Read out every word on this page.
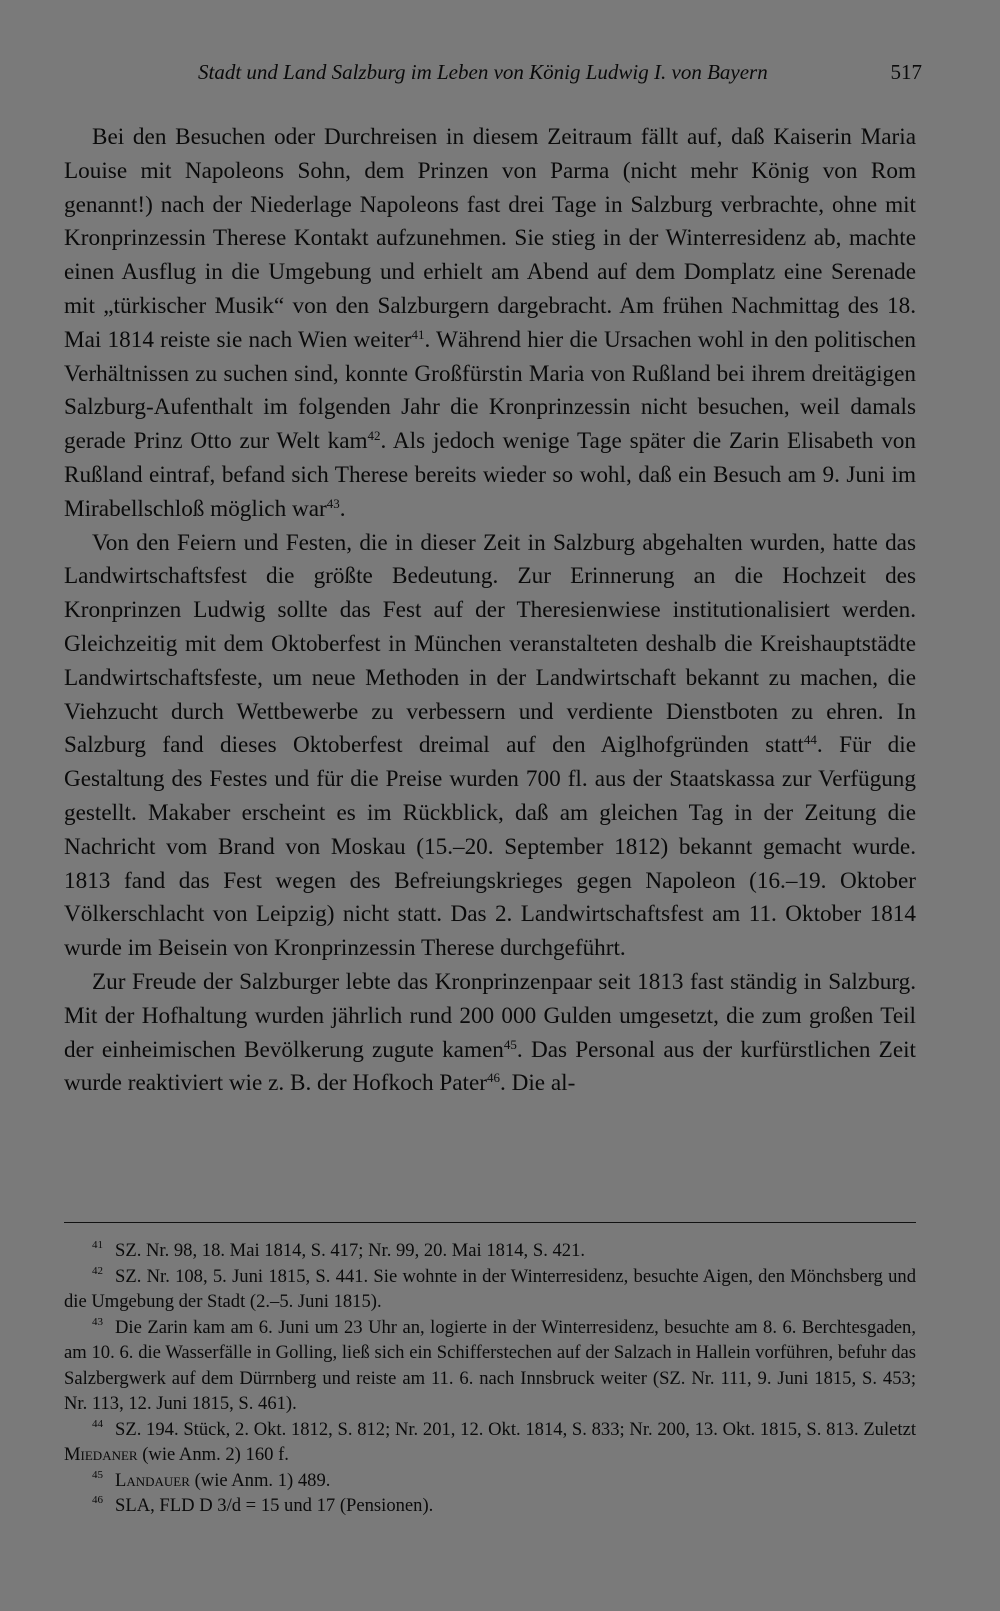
Stadt und Land Salzburg im Leben von König Ludwig I. von Bayern	517

Bei den Besuchen oder Durchreisen in diesem Zeitraum fällt auf, daß Kaiserin Maria Louise mit Napoleons Sohn, dem Prinzen von Parma (nicht mehr König von Rom genannt!) nach der Niederlage Napoleons fast drei Tage in Salzburg verbrachte, ohne mit Kronprinzessin Therese Kontakt aufzunehmen. Sie stieg in der Winterresidenz ab, machte einen Ausflug in die Umgebung und erhielt am Abend auf dem Domplatz eine Serenade mit „türkischer Musik“ von den Salzburgern dargebracht. Am frühen Nachmittag des 18. Mai 1814 reiste sie nach Wien weiter$^{41}$. Während hier die Ursachen wohl in den politischen Verhältnissen zu suchen sind, konnte Großfürstin Maria von Rußland bei ihrem dreitägigen Salzburg-Aufenthalt im folgenden Jahr die Kronprinzessin nicht besuchen, weil damals gerade Prinz Otto zur Welt kam$^{42}$. Als jedoch wenige Tage später die Zarin Elisabeth von Rußland eintraf, befand sich Therese bereits wieder so wohl, daß ein Besuch am 9. Juni im Mirabellschloß möglich war$^{43}$.

Von den Feiern und Festen, die in dieser Zeit in Salzburg abgehalten wurden, hatte das Landwirtschaftsfest die größte Bedeutung. Zur Erinnerung an die Hochzeit des Kronprinzen Ludwig sollte das Fest auf der Theresienwiese institutionalisiert werden. Gleichzeitig mit dem Oktoberfest in München veranstalteten deshalb die Kreishauptstädte Landwirtschaftsfeste, um neue Methoden in der Landwirtschaft bekannt zu machen, die Viehzucht durch Wettbewerbe zu verbessern und verdiente Dienstboten zu ehren. In Salzburg fand dieses Oktoberfest dreimal auf den Aiglhofgründen statt$^{44}$. Für die Gestaltung des Festes und für die Preise wurden 700 fl. aus der Staatskassa zur Verfügung gestellt. Makaber erscheint es im Rückblick, daß am gleichen Tag in der Zeitung die Nachricht vom Brand von Moskau (15.–20. September 1812) bekannt gemacht wurde. 1813 fand das Fest wegen des Befreiungskrieges gegen Napoleon (16.–19. Oktober Völkerschlacht von Leipzig) nicht statt. Das 2. Landwirtschaftsfest am 11. Oktober 1814 wurde im Beisein von Kronprinzessin Therese durchgeführt.

Zur Freude der Salzburger lebte das Kronprinzenpaar seit 1813 fast ständig in Salzburg. Mit der Hofhaltung wurden jährlich rund 200 000 Gulden umgesetzt, die zum großen Teil der einheimischen Bevölkerung zugute kamen$^{45}$. Das Personal aus der kurfürstlichen Zeit wurde reaktiviert wie z. B. der Hofkoch Pater$^{46}$. Die al-

$^{41}$ SZ. Nr. 98, 18. Mai 1814, S. 417; Nr. 99, 20. Mai 1814, S. 421.

$^{42}$ SZ. Nr. 108, 5. Juni 1815, S. 441. Sie wohnte in der Winterresidenz, besuchte Aigen, den Mönchsberg und die Umgebung der Stadt (2.–5. Juni 1815).

$^{43}$ Die Zarin kam am 6. Juni um 23 Uhr an, logierte in der Winterresidenz, besuchte am 8. 6. Berchtesgaden, am 10. 6. die Wasserfälle in Golling, ließ sich ein Schifferstechen auf der Salzach in Hallein vorführen, befuhr das Salzbergwerk auf dem Dürrnberg und reiste am 11. 6. nach Innsbruck weiter (SZ. Nr. 111, 9. Juni 1815, S. 453; Nr. 113, 12. Juni 1815, S. 461).

$^{44}$ SZ. 194. Stück, 2. Okt. 1812, S. 812; Nr. 201, 12. Okt. 1814, S. 833; Nr. 200, 13. Okt. 1815, S. 813. Zuletzt Miedaner (wie Anm. 2) 160 f.

$^{45}$ Landauer (wie Anm. 1) 489.

$^{46}$ SLA, FLD D 3/d = 15 und 17 (Pensionen).
